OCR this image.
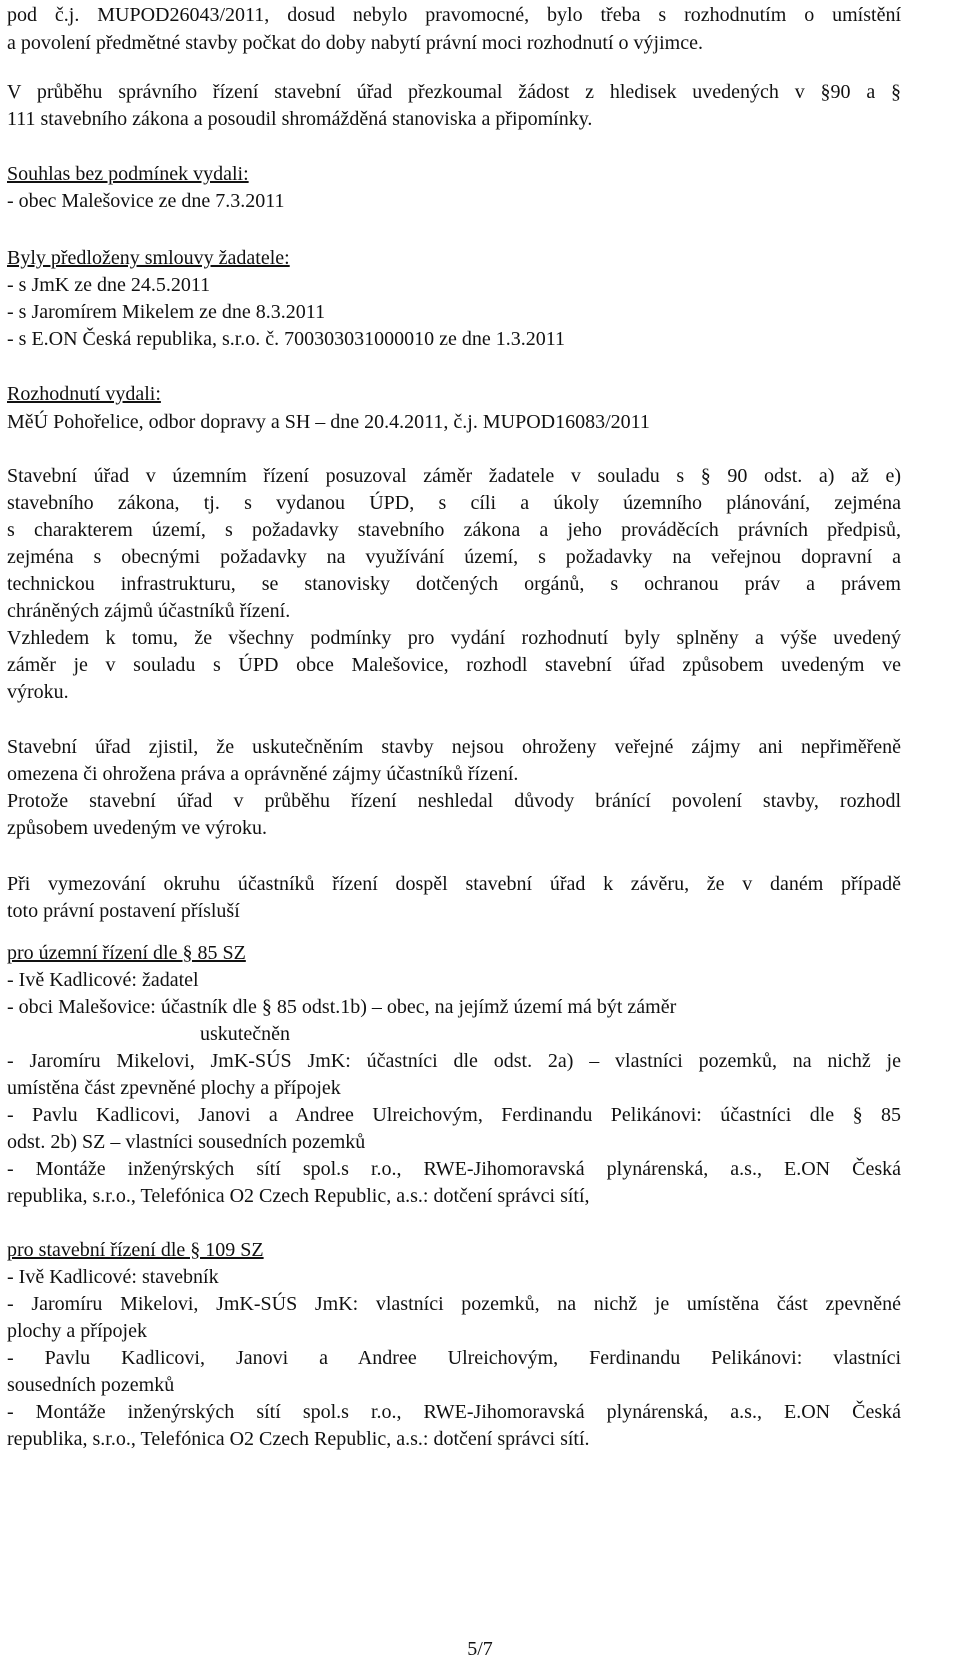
pod č.j. MUPOD26043/2011, dosud nebylo pravomocné, bylo třeba s rozhodnutím o umístění
a povolení předmětné stavby počkat do doby nabytí právní moci rozhodnutí o výjimce.
V průběhu správního řízení stavební úřad přezkoumal žádost z hledisek uvedených v §90 a §
111 stavebního zákona a posoudil shromážděná stanoviska a připomínky.
Souhlas bez podmínek vydali:
- obec Malešovice ze dne 7.3.2011
Byly předloženy smlouvy žadatele:
- s JmK ze dne 24.5.2011
- s Jaromírem Mikelem ze dne 8.3.2011
- s E.ON Česká republika, s.r.o. č. 700303031000010 ze dne 1.3.2011
Rozhodnutí vydali:
MěÚ Pohořelice, odbor dopravy a SH – dne 20.4.2011, č.j. MUPOD16083/2011
Stavební úřad v územním řízení posuzoval záměr žadatele v souladu s § 90 odst. a) až e)
stavebního zákona, tj. s vydanou ÚPD, s cíli a úkoly územního plánování, zejména
s charakterem území, s požadavky stavebního zákona a jeho prováděcích právních předpisů,
zejména s obecnými požadavky na využívání území, s požadavky na veřejnou dopravní a
technickou infrastrukturu, se stanovisky dotčených orgánů, s ochranou práv a právem
chráněných zájmů účastníků řízení.
Vzhledem k tomu, že všechny podmínky pro vydání rozhodnutí byly splněny a výše uvedený
záměr je v souladu s ÚPD obce Malešovice, rozhodl stavební úřad způsobem uvedeným ve
výroku.
Stavební úřad zjistil, že uskutečněním stavby nejsou ohroženy veřejné zájmy ani nepřiměřeně
omezena či ohrožena práva a oprávněné zájmy účastníků řízení.
Protože stavební úřad v průběhu řízení neshledal důvody bránící povolení stavby, rozhodl
způsobem uvedeným ve výroku.
Při vymezování okruhu účastníků řízení dospěl stavební úřad k závěru, že v daném případě
toto právní postavení přísluší
pro územní řízení dle § 85 SZ
- Ivě Kadlicové: žadatel
- obci Malešovice: účastník dle § 85 odst.1b) – obec, na jejímž území má být záměr
uskutečněn
- Jaromíru Mikelovi, JmK-SÚS JmK: účastníci dle odst. 2a) – vlastníci pozemků, na nichž je
umístěna část zpevněné plochy a přípojek
- Pavlu Kadlicovi, Janovi a Andree Ulreichovým, Ferdinandu Pelikánovi: účastníci dle § 85
odst. 2b) SZ – vlastníci sousedních pozemků
- Montáže inženýrských sítí spol.s r.o., RWE-Jihomoravská plynárenská, a.s., E.ON Česká
republika, s.r.o., Telefónica O2 Czech Republic, a.s.: dotčení správci sítí,
pro stavební řízení dle § 109 SZ
- Ivě Kadlicové: stavebník
- Jaromíru Mikelovi, JmK-SÚS JmK: vlastníci pozemků, na nichž je umístěna část zpevněné
plochy a přípojek
- Pavlu Kadlicovi, Janovi a Andree Ulreichovým, Ferdinandu Pelikánovi: vlastníci
sousedních pozemků
- Montáže inženýrských sítí spol.s r.o., RWE-Jihomoravská plynárenská, a.s., E.ON Česká
republika, s.r.o., Telefónica O2 Czech Republic, a.s.: dotčení správci sítí.
5/7
